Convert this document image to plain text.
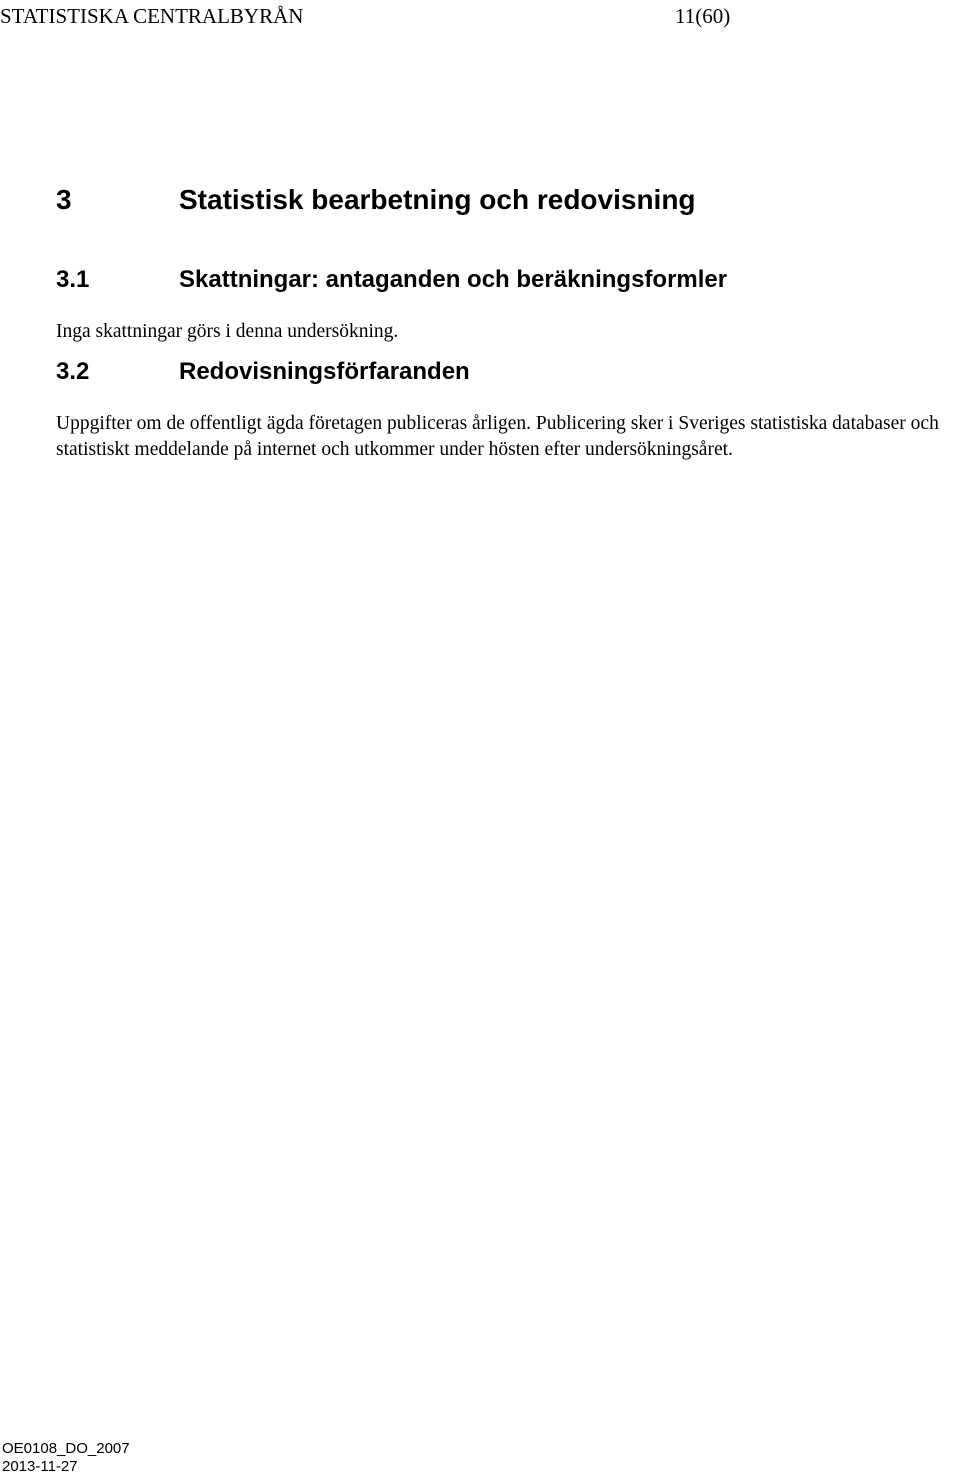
STATISTISKA CENTRALBYRÅN	11(60)
3	Statistisk bearbetning och redovisning
3.1	Skattningar: antaganden och beräkningsformler

Inga skattningar görs i denna undersökning.

3.2	Redovisningsförfaranden

Uppgifter om de offentligt ägda företagen publiceras årligen. Publicering sker i Sveriges statistiska databaser och statistiskt meddelande på internet och utkommer under hösten efter undersökningsåret.

OE0108_DO_2007
2013-11-27
